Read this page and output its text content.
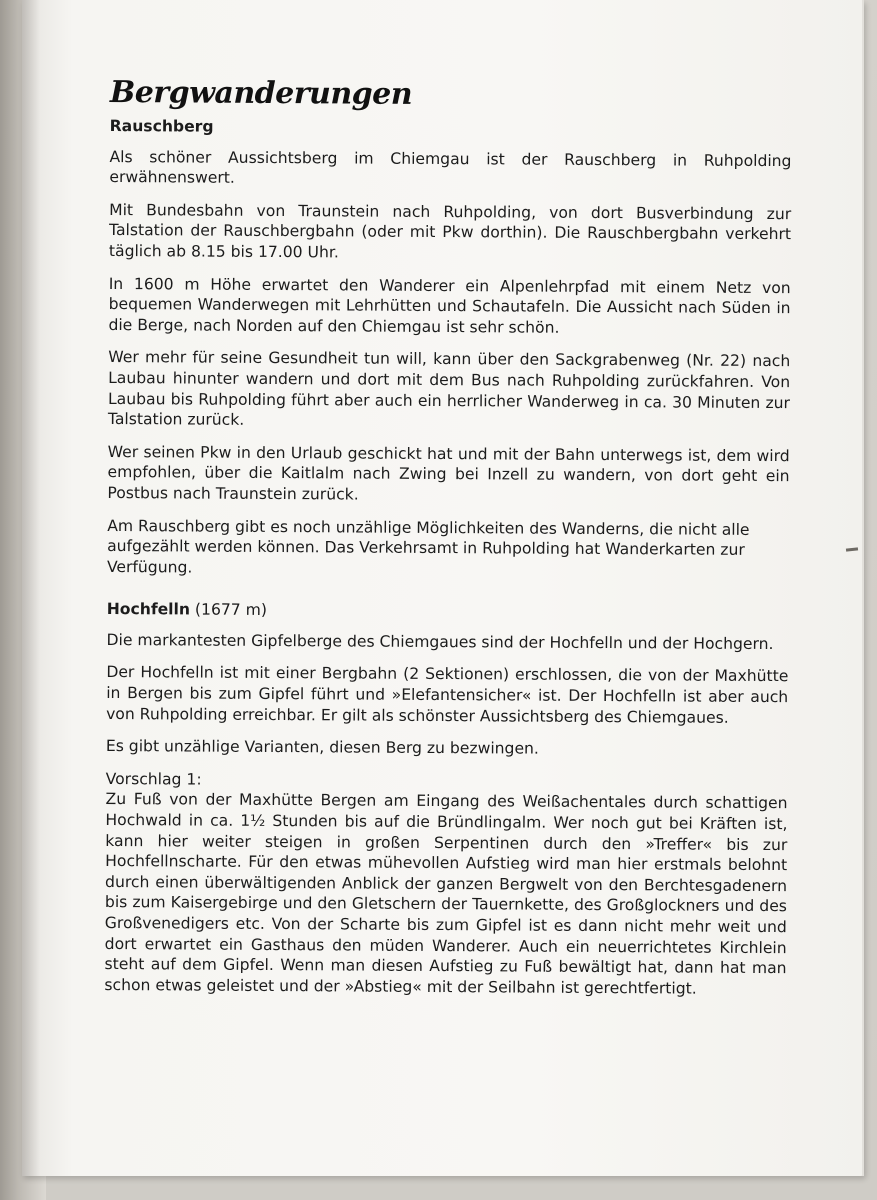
Bergwanderungen
Rauschberg

Als schöner Aussichtsberg im Chiemgau ist der Rauschberg in Ruhpolding erwähnenswert.

Mit Bundesbahn von Traunstein nach Ruhpolding, von dort Busverbindung zur Talstation der Rauschbergbahn (oder mit Pkw dorthin). Die Rauschbergbahn verkehrt täglich ab 8.15 bis 17.00 Uhr.

In 1600 m Höhe erwartet den Wanderer ein Alpenlehrpfad mit einem Netz von bequemen Wanderwegen mit Lehrhütten und Schautafeln. Die Aussicht nach Süden in die Berge, nach Norden auf den Chiemgau ist sehr schön.

Wer mehr für seine Gesundheit tun will, kann über den Sackgrabenweg (Nr. 22) nach Laubau hinunter wandern und dort mit dem Bus nach Ruhpolding zurückfahren. Von Laubau bis Ruhpolding führt aber auch ein herrlicher Wanderweg in ca. 30 Minuten zur Talstation zurück.

Wer seinen Pkw in den Urlaub geschickt hat und mit der Bahn unterwegs ist, dem wird empfohlen, über die Kaitlalm nach Zwing bei Inzell zu wandern, von dort geht ein Postbus nach Traunstein zurück.

Am Rauschberg gibt es noch unzählige Möglichkeiten des Wanderns, die nicht alle aufgezählt werden können. Das Verkehrsamt in Ruhpolding hat Wanderkarten zur Verfügung.

Hochfelln (1677 m)

Die markantesten Gipfelberge des Chiemgaues sind der Hochfelln und der Hochgern.

Der Hochfelln ist mit einer Bergbahn (2 Sektionen) erschlossen, die von der Maxhütte in Bergen bis zum Gipfel führt und »Elefantensicher« ist. Der Hochfelln ist aber auch von Ruhpolding erreichbar. Er gilt als schönster Aussichtsberg des Chiemgaues.

Es gibt unzählige Varianten, diesen Berg zu bezwingen.

Vorschlag 1:

Zu Fuß von der Maxhütte Bergen am Eingang des Weißachentales durch schattigen Hochwald in ca. 1½ Stunden bis auf die Bründlingalm. Wer noch gut bei Kräften ist, kann hier weiter steigen in großen Serpentinen durch den »Treffer« bis zur Hochfellnscharte. Für den etwas mühevollen Aufstieg wird man hier erstmals belohnt durch einen überwältigenden Anblick der ganzen Bergwelt von den Berchtesgadenern bis zum Kaisergebirge und den Gletschern der Tauernkette, des Großglockners und des Großvenedigers etc. Von der Scharte bis zum Gipfel ist es dann nicht mehr weit und dort erwartet ein Gasthaus den müden Wanderer. Auch ein neuerrichtetes Kirchlein steht auf dem Gipfel. Wenn man diesen Aufstieg zu Fuß bewältigt hat, dann hat man schon etwas geleistet und der »Abstieg« mit der Seilbahn ist gerechtfertigt.
